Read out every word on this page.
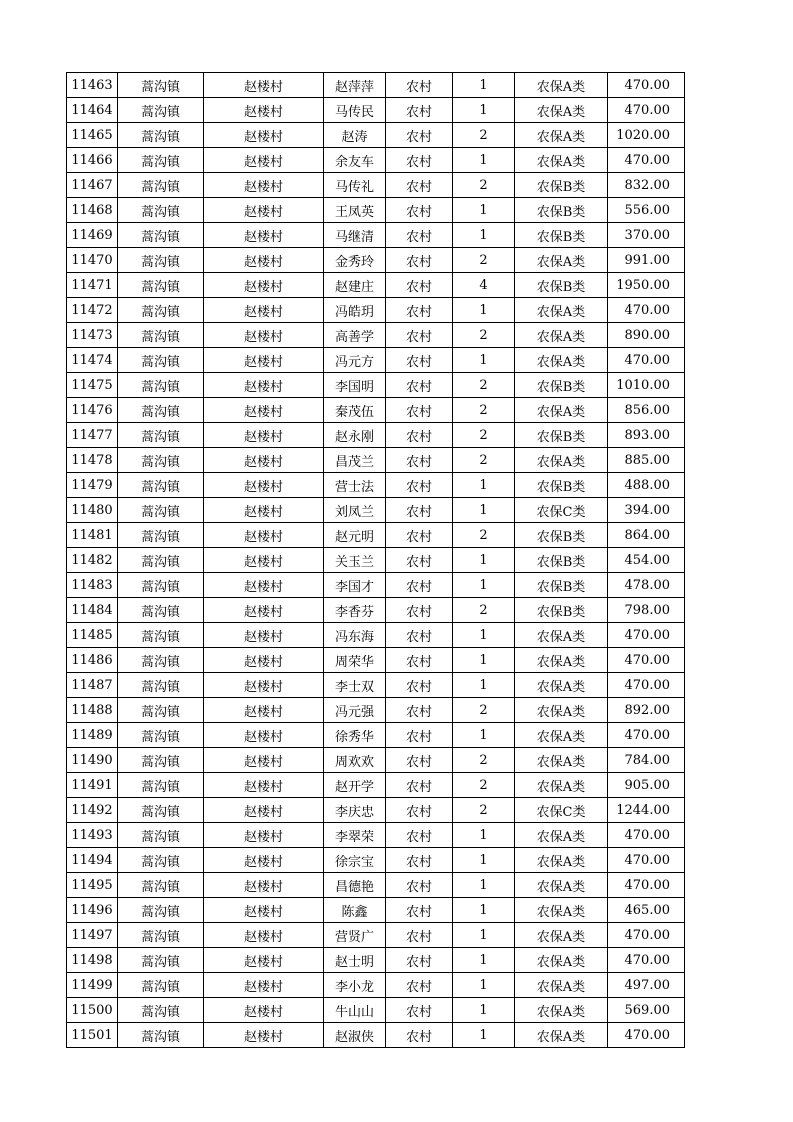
11463	蒿沟镇	赵楼村	赵萍萍	农村	1	农保A类	470.00
11464	蒿沟镇	赵楼村	马传民	农村	1	农保A类	470.00
11465	蒿沟镇	赵楼村	赵涛	农村	2	农保A类	1020.00
11466	蒿沟镇	赵楼村	余友车	农村	1	农保A类	470.00
11467	蒿沟镇	赵楼村	马传礼	农村	2	农保B类	832.00
11468	蒿沟镇	赵楼村	王凤英	农村	1	农保B类	556.00
11469	蒿沟镇	赵楼村	马继清	农村	1	农保B类	370.00
11470	蒿沟镇	赵楼村	金秀玲	农村	2	农保A类	991.00
11471	蒿沟镇	赵楼村	赵建庄	农村	4	农保B类	1950.00
11472	蒿沟镇	赵楼村	冯皓玥	农村	1	农保A类	470.00
11473	蒿沟镇	赵楼村	高善学	农村	2	农保A类	890.00
11474	蒿沟镇	赵楼村	冯元方	农村	1	农保A类	470.00
11475	蒿沟镇	赵楼村	李国明	农村	2	农保B类	1010.00
11476	蒿沟镇	赵楼村	秦茂伍	农村	2	农保A类	856.00
11477	蒿沟镇	赵楼村	赵永刚	农村	2	农保B类	893.00
11478	蒿沟镇	赵楼村	昌茂兰	农村	2	农保A类	885.00
11479	蒿沟镇	赵楼村	营士法	农村	1	农保B类	488.00
11480	蒿沟镇	赵楼村	刘凤兰	农村	1	农保C类	394.00
11481	蒿沟镇	赵楼村	赵元明	农村	2	农保B类	864.00
11482	蒿沟镇	赵楼村	关玉兰	农村	1	农保B类	454.00
11483	蒿沟镇	赵楼村	李国才	农村	1	农保B类	478.00
11484	蒿沟镇	赵楼村	李香芬	农村	2	农保B类	798.00
11485	蒿沟镇	赵楼村	冯东海	农村	1	农保A类	470.00
11486	蒿沟镇	赵楼村	周荣华	农村	1	农保A类	470.00
11487	蒿沟镇	赵楼村	李士双	农村	1	农保A类	470.00
11488	蒿沟镇	赵楼村	冯元强	农村	2	农保A类	892.00
11489	蒿沟镇	赵楼村	徐秀华	农村	1	农保A类	470.00
11490	蒿沟镇	赵楼村	周欢欢	农村	2	农保A类	784.00
11491	蒿沟镇	赵楼村	赵开学	农村	2	农保A类	905.00
11492	蒿沟镇	赵楼村	李庆忠	农村	2	农保C类	1244.00
11493	蒿沟镇	赵楼村	李翠荣	农村	1	农保A类	470.00
11494	蒿沟镇	赵楼村	徐宗宝	农村	1	农保A类	470.00
11495	蒿沟镇	赵楼村	昌德艳	农村	1	农保A类	470.00
11496	蒿沟镇	赵楼村	陈鑫	农村	1	农保A类	465.00
11497	蒿沟镇	赵楼村	营贤广	农村	1	农保A类	470.00
11498	蒿沟镇	赵楼村	赵士明	农村	1	农保A类	470.00
11499	蒿沟镇	赵楼村	李小龙	农村	1	农保A类	497.00
11500	蒿沟镇	赵楼村	牛山山	农村	1	农保A类	569.00
11501	蒿沟镇	赵楼村	赵淑侠	农村	1	农保A类	470.00
